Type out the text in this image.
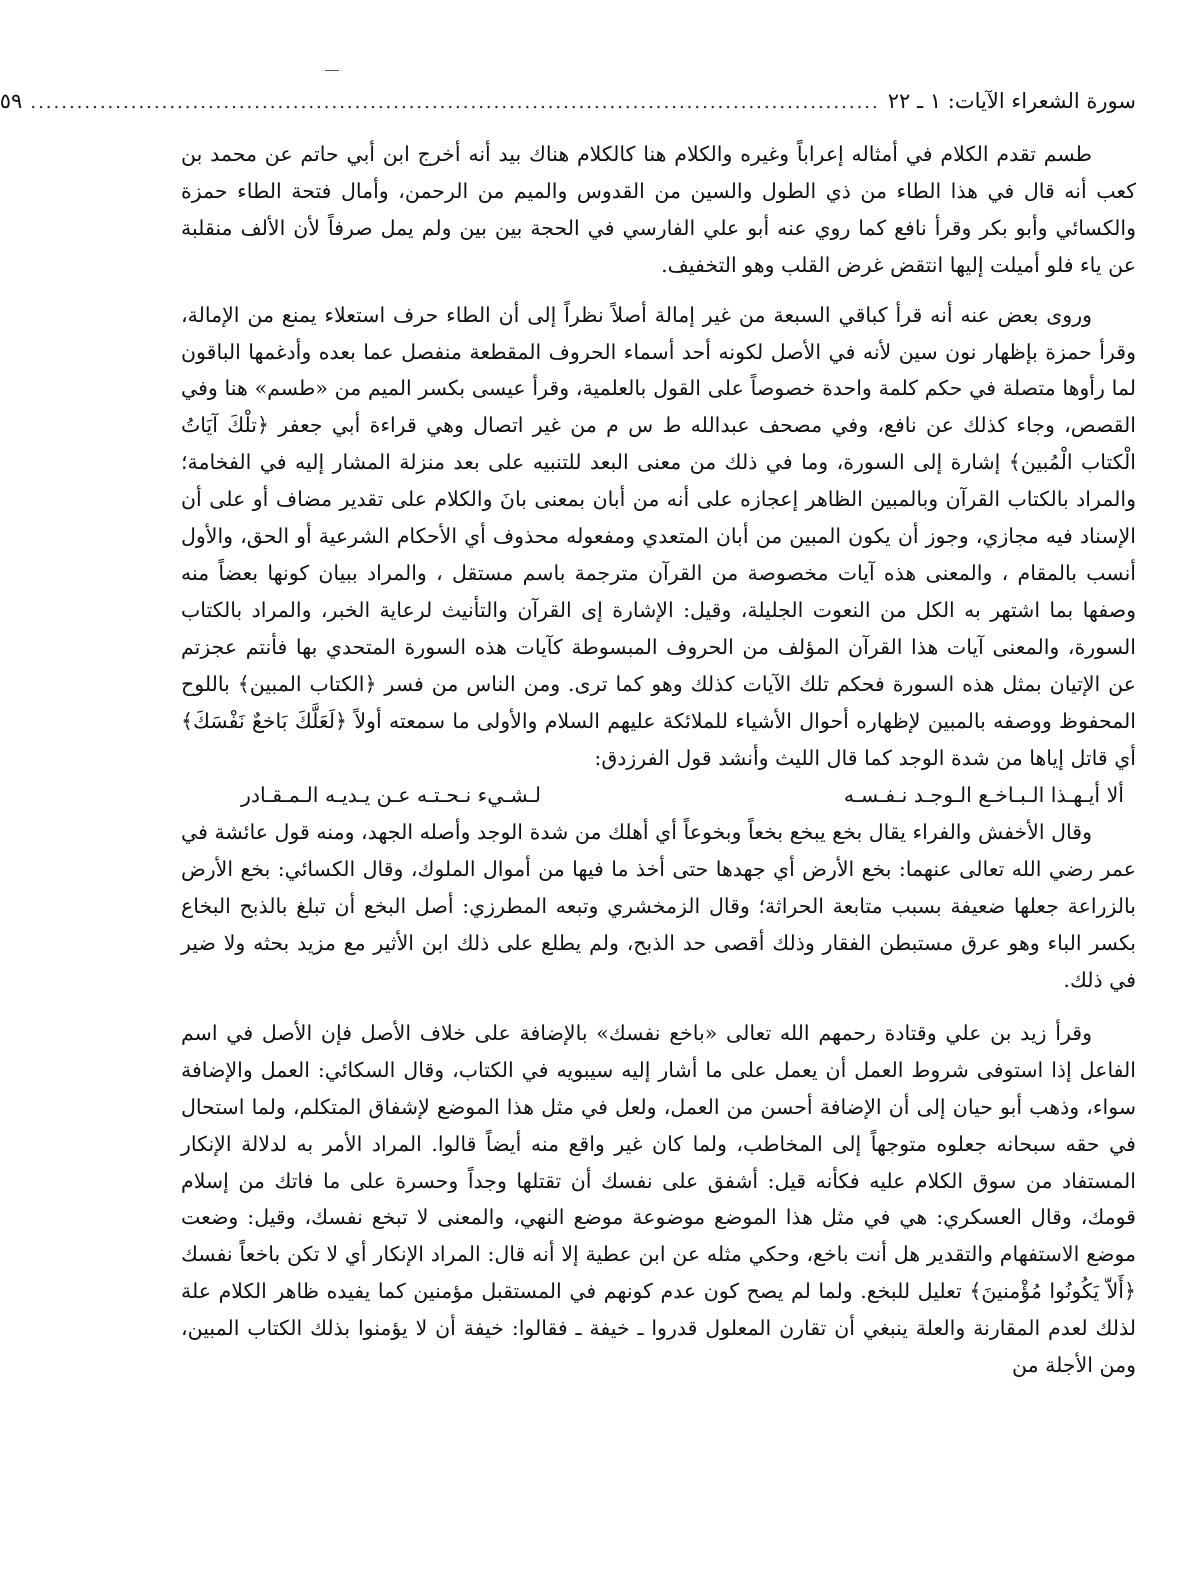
سورة الشعراء الآيات: ١ ـ ٢٢
..............................................................................................................
٥٩

طسم تقدم الكلام في أمثاله إعراباً وغيره والكلام هنا كالكلام هناك بيد أنه أخرج ابن أبي حاتم عن محمد بن كعب أنه قال في هذا الطاء من ذي الطول والسين من القدوس والميم من الرحمن، وأمال فتحة الطاء حمزة والكسائي وأبو بكر وقرأ نافع كما روي عنه أبو علي الفارسي في الحجة بين بين ولم يمل صرفاً لأن الألف منقلبة عن ياء فلو أميلت إليها انتقض غرض القلب وهو التخفيف.

وروى بعض عنه أنه قرأ كباقي السبعة من غير إمالة أصلاً نظراً إلى أن الطاء حرف استعلاء يمنع من الإمالة، وقرأ حمزة بإظهار نون سين لأنه في الأصل لكونه أحد أسماء الحروف المقطعة منفصل عما بعده وأدغمها الباقون لما رأوها متصلة في حكم كلمة واحدة خصوصاً على القول بالعلمية، وقرأ عيسى بكسر الميم من «طسم» هنا وفي القصص، وجاء كذلك عن نافع، وفي مصحف عبدالله ط س م من غير اتصال وهي قراءة أبي جعفر ﴿تلْكَ آيَاتُ الْكتاب الْمُبين﴾ إشارة إلى السورة، وما في ذلك من معنى البعد للتنبيه على بعد منزلة المشار إليه في الفخامة؛ والمراد بالكتاب القرآن وبالمبين الظاهر إعجازه على أنه من أبان بمعنى بانَ والكلام على تقدير مضاف أو على أن الإسناد فيه مجازي، وجوز أن يكون المبين من أبان المتعدي ومفعوله محذوف أي الأحكام الشرعية أو الحق، والأول أنسب بالمقام ، والمعنى هذه آيات مخصوصة من القرآن مترجمة باسم مستقل ، والمراد ببيان كونها بعضاً منه وصفها بما اشتهر به الكل من النعوت الجليلة، وقيل: الإشارة إى القرآن والتأنيث لرعاية الخبر، والمراد بالكتاب السورة، والمعنى آيات هذا القرآن المؤلف من الحروف المبسوطة كآيات هذه السورة المتحدي بها فأنتم عجزتم عن الإتيان بمثل هذه السورة فحكم تلك الآيات كذلك وهو كما ترى. ومن الناس من فسر ﴿الكتاب المبين﴾ باللوح المحفوظ ووصفه بالمبين لإظهاره أحوال الأشياء للملائكة عليهم السلام والأولى ما سمعته أولاً ﴿لَعَلَّكَ بَاخعٌ نَفْسَكَ﴾ أي قاتل إياها من شدة الوجد كما قال الليث وأنشد قول الفرزدق:

ألا أيـهـذا الـبـاخـع الـوجـد نـفـسـه
لـشـيء نـحـتـه عـن يـديـه الـمـقـادر

وقال الأخفش والفراء يقال بخع يبخع بخعاً وبخوعاً أي أهلك من شدة الوجد وأصله الجهد، ومنه قول عائشة في عمر رضي الله تعالى عنهما: بخع الأرض أي جهدها حتى أخذ ما فيها من أموال الملوك، وقال الكسائي: بخع الأرض بالزراعة جعلها ضعيفة بسبب متابعة الحراثة؛ وقال الزمخشري وتبعه المطرزي: أصل البخع أن تبلغ بالذبح البخاع بكسر الباء وهو عرق مستبطن الفقار وذلك أقصى حد الذبح، ولم يطلع على ذلك ابن الأثير مع مزيد بحثه ولا ضير في ذلك.

وقرأ زيد بن علي وقتادة رحمهم الله تعالى «باخع نفسك» بالإضافة على خلاف الأصل فإن الأصل في اسم الفاعل إذا استوفى شروط العمل أن يعمل على ما أشار إليه سيبويه في الكتاب، وقال السكائي: العمل والإضافة سواء، وذهب أبو حيان إلى أن الإضافة أحسن من العمل، ولعل في مثل هذا الموضع لإشفاق المتكلم، ولما استحال في حقه سبحانه جعلوه متوجهاً إلى المخاطب، ولما كان غير واقع منه أيضاً قالوا. المراد الأمر به لدلالة الإنكار المستفاد من سوق الكلام عليه فكأنه قيل: أشفق على نفسك أن تقتلها وجداً وحسرة على ما فاتك من إسلام قومك، وقال العسكري: هي في مثل هذا الموضع موضوعة موضع النهي، والمعنى لا تبخع نفسك، وقيل: وضعت موضع الاستفهام والتقدير هل أنت باخع، وحكي مثله عن ابن عطية إلا أنه قال: المراد الإنكار أي لا تكن باخعاً نفسك ﴿أَلاّ يَكُونُوا مُؤْمنينَ﴾ تعليل للبخع. ولما لم يصح كون عدم كونهم في المستقبل مؤمنين كما يفيده ظاهر الكلام علة لذلك لعدم المقارنة والعلة ينبغي أن تقارن المعلول قدروا ـ خيفة ـ فقالوا: خيفة أن لا يؤمنوا بذلك الكتاب المبين، ومن الأجلة من
